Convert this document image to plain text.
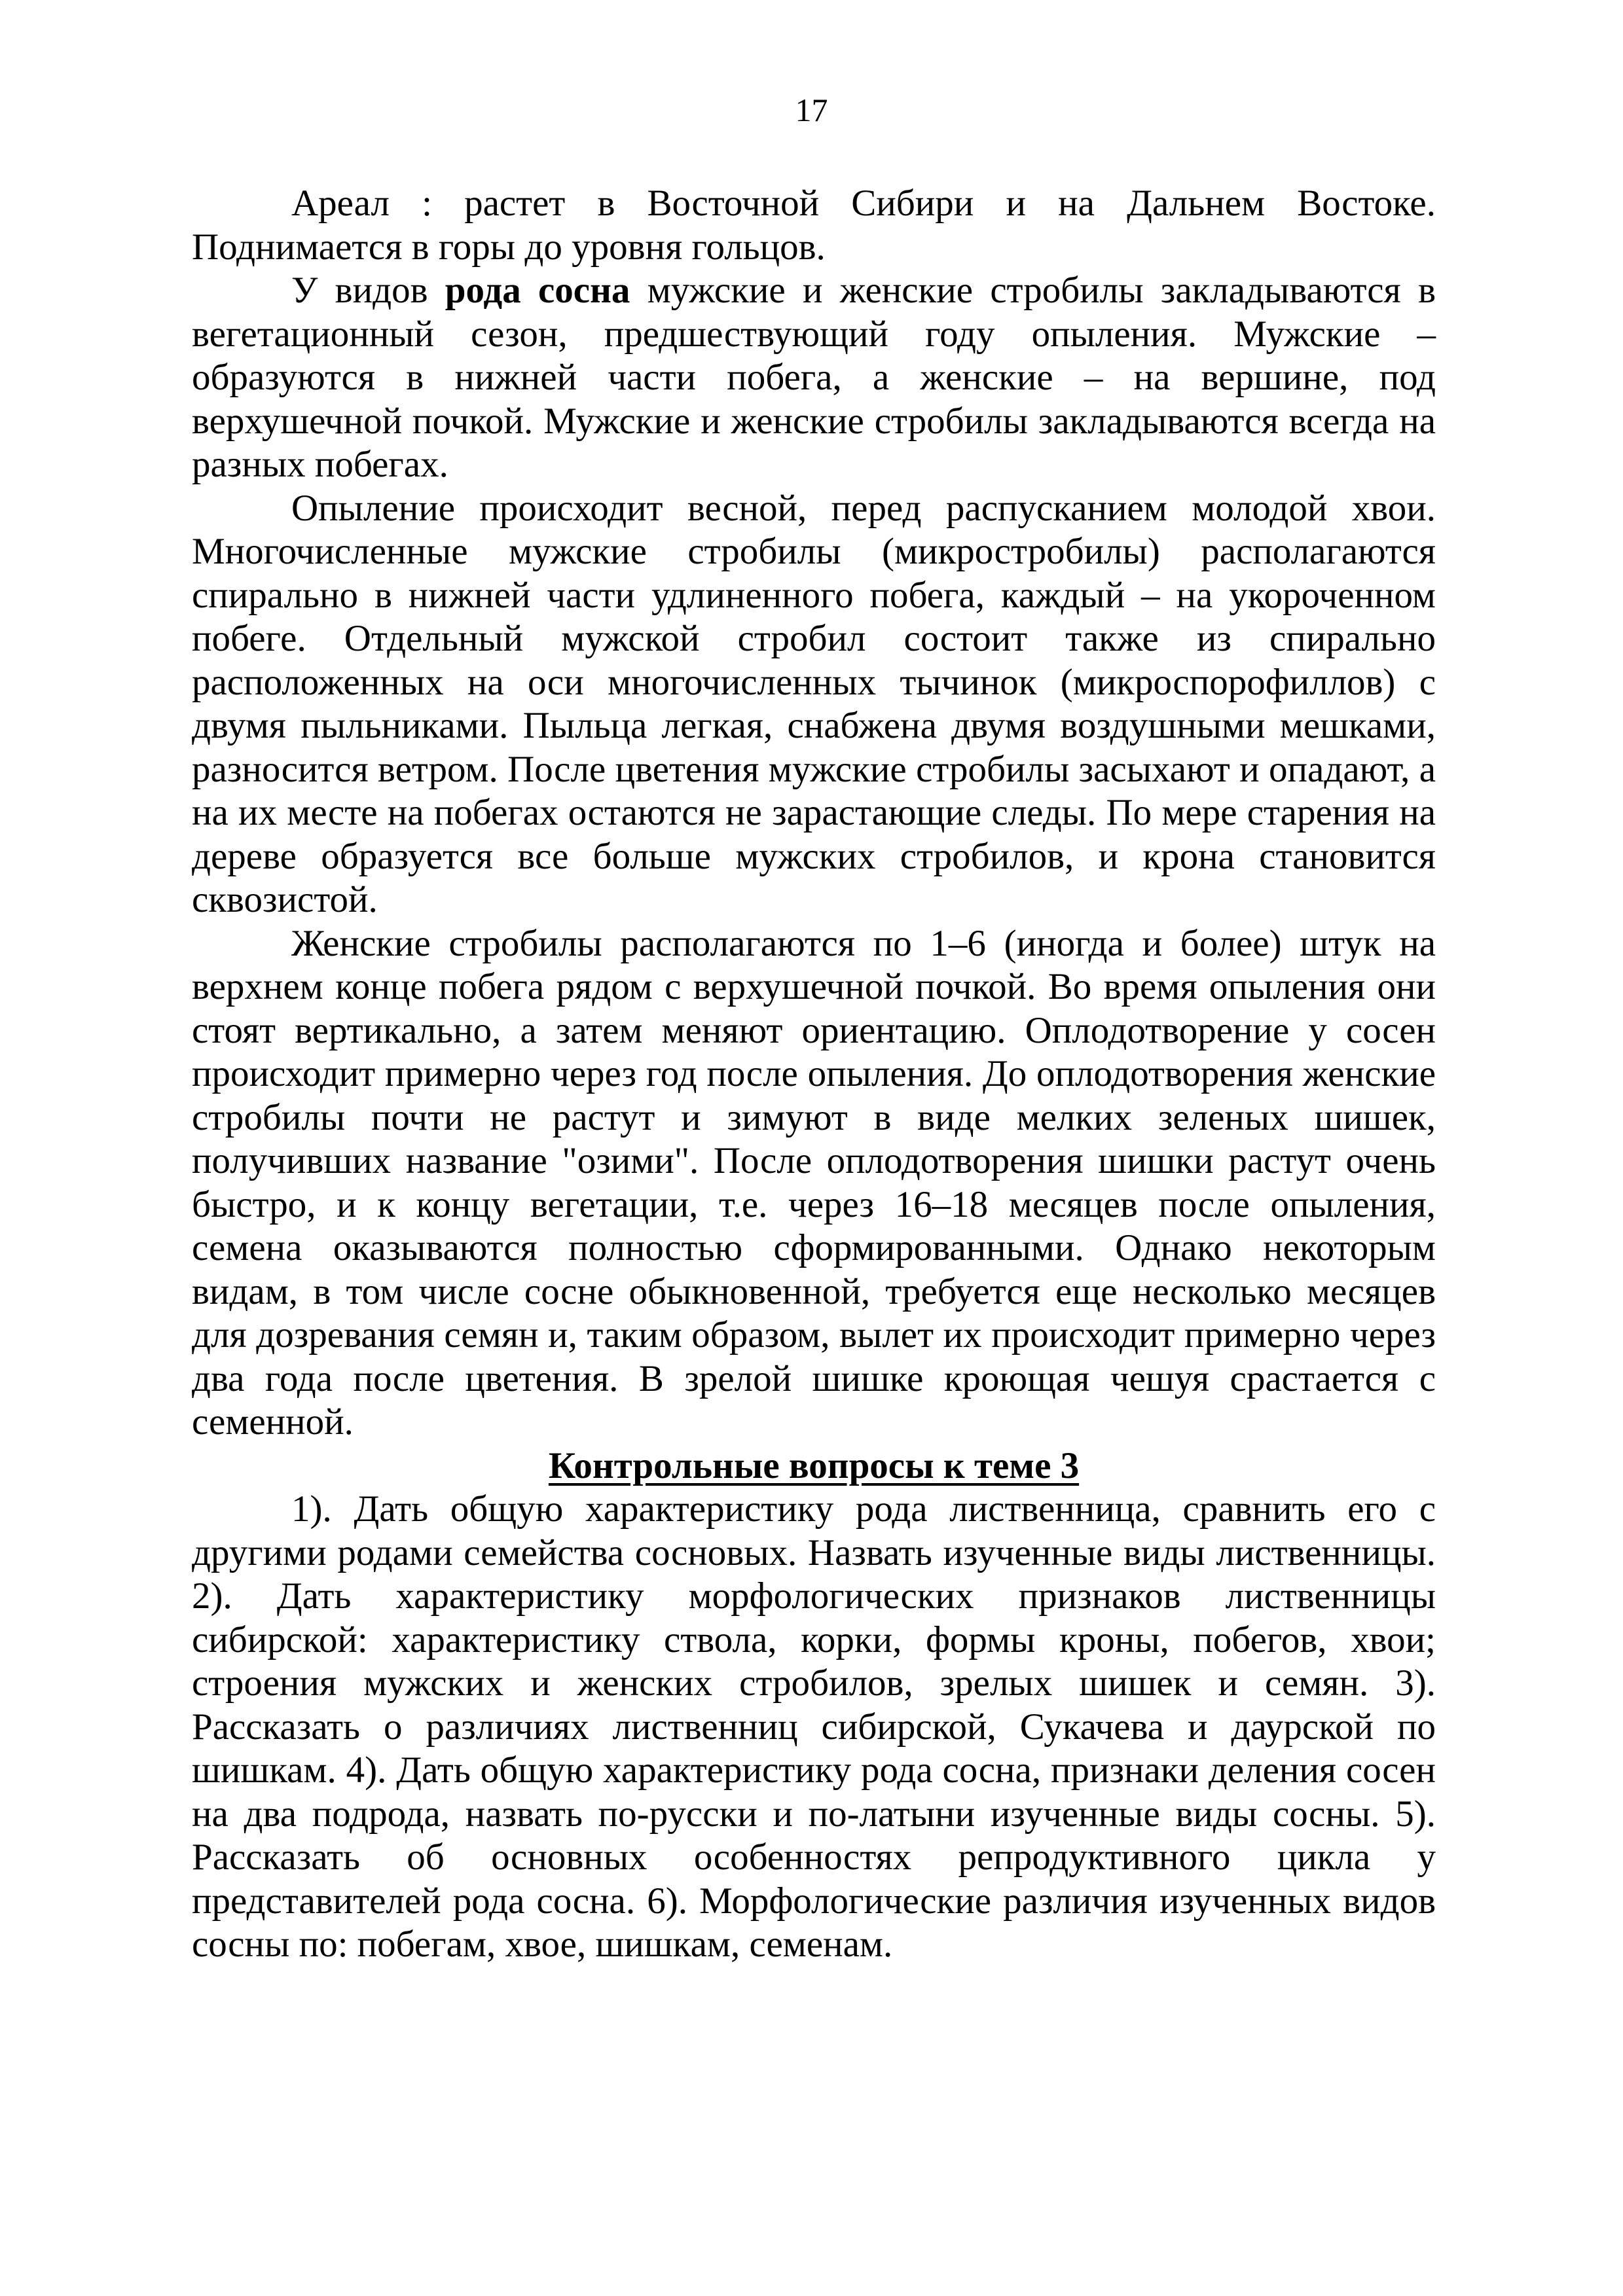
17

Ареал : растет в Восточной Сибири и на Дальнем Востоке. Поднимается в горы до уровня гольцов.

У видов рода сосна мужские и женские стробилы закладываются в вегетационный сезон, предшествующий году опыления. Мужские – образуются в нижней части побега, а женские – на вершине, под верхушечной почкой. Мужские и женские стробилы закладываются всегда на разных побегах.

Опыление происходит весной, перед распусканием молодой хвои. Многочисленные мужские стробилы (микростробилы) располагаются спирально в нижней части удлиненного побега, каждый – на укороченном побеге. Отдельный мужской стробил состоит также из спирально расположенных на оси многочисленных тычинок (микроспорофиллов) с двумя пыльниками. Пыльца легкая, снабжена двумя воздушными мешками, разносится ветром. После цветения мужские стробилы засыхают и опадают, а на их месте на побегах остаются не зарастающие следы. По мере старения на дереве образуется все больше мужских стробилов, и крона становится сквозистой.

Женские стробилы располагаются по 1–6 (иногда и более) штук на верхнем конце побега рядом с верхушечной почкой. Во время опыления они стоят вертикально, а затем меняют ориентацию. Оплодотворение у сосен происходит примерно через год после опыления. До оплодотворения женские стробилы почти не растут и зимуют в виде мелких зеленых шишек, получивших название "озими". После оплодотворения шишки растут очень быстро, и к концу вегетации, т.е. через 16–18 месяцев после опыления, семена оказываются полностью сформированными. Однако некоторым видам, в том числе сосне обыкновенной, требуется еще несколько месяцев для дозревания семян и, таким образом, вылет их происходит примерно через два года после цветения. В зрелой шишке кроющая чешуя срастается с семенной.

Контрольные вопросы к теме 3

1). Дать общую характеристику рода лиственница, сравнить его с другими родами семейства сосновых. Назвать изученные виды лиственницы. 2). Дать характеристику морфологических признаков лиственницы сибирской: характеристику ствола, корки, формы кроны, побегов, хвои; строения мужских и женских стробилов, зрелых шишек и семян. 3). Рассказать о различиях лиственниц сибирской, Сукачева и даурской по шишкам. 4). Дать общую характеристику рода сосна, признаки деления сосен на два подрода, назвать по-русски и по-латыни изученные виды сосны. 5). Рассказать об основных особенностях репродуктивного цикла у представителей рода сосна. 6). Морфологические различия изученных видов сосны по: побегам, хвое, шишкам, семенам.
